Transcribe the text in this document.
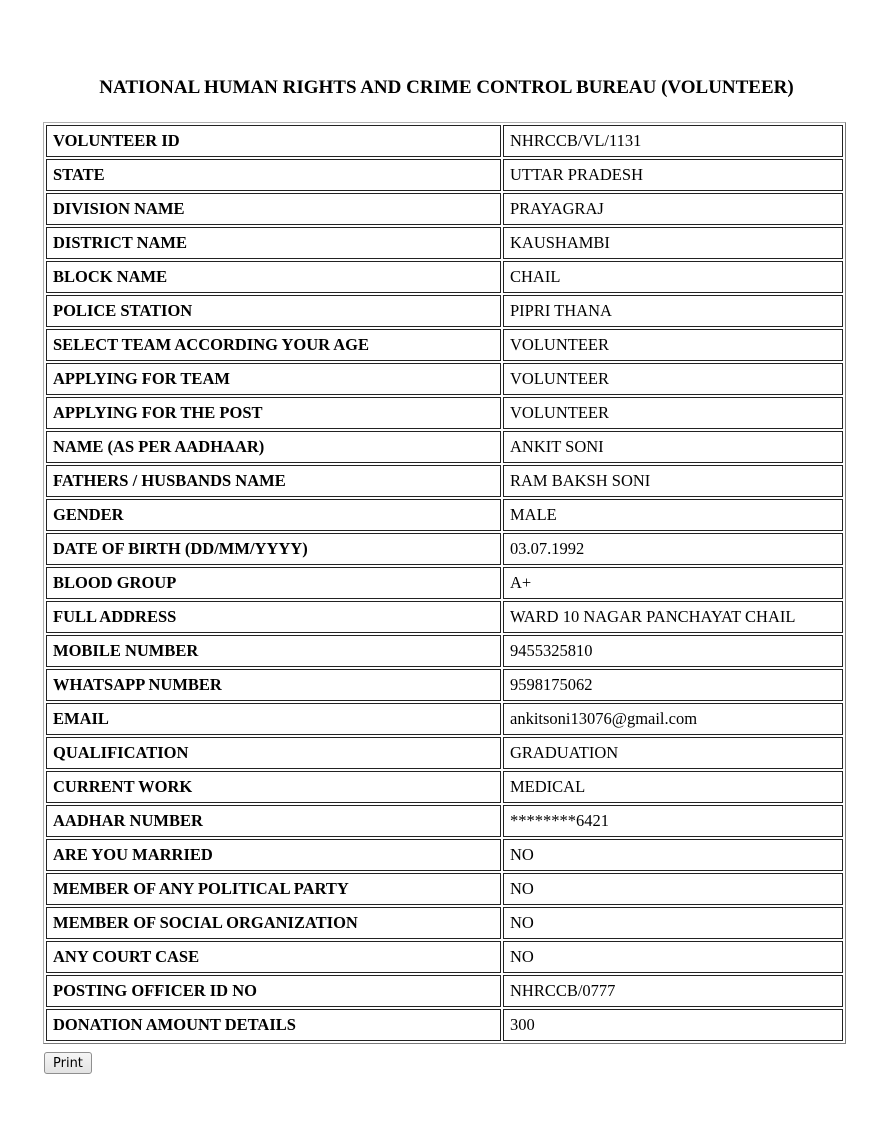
NATIONAL HUMAN RIGHTS AND CRIME CONTROL BUREAU (VOLUNTEER)
VOLUNTEER ID	NHRCCB/VL/1131
STATE	UTTAR PRADESH
DIVISION NAME	PRAYAGRAJ
DISTRICT NAME	KAUSHAMBI
BLOCK NAME	CHAIL
POLICE STATION	PIPRI THANA
SELECT TEAM ACCORDING YOUR AGE	VOLUNTEER
APPLYING FOR TEAM	VOLUNTEER
APPLYING FOR THE POST	VOLUNTEER
NAME (AS PER AADHAAR)	ANKIT SONI
FATHERS / HUSBANDS NAME	RAM BAKSH SONI
GENDER	MALE
DATE OF BIRTH (DD/MM/YYYY)	03.07.1992
BLOOD GROUP	A+
FULL ADDRESS	WARD 10 NAGAR PANCHAYAT CHAIL
MOBILE NUMBER	9455325810
WHATSAPP NUMBER	9598175062
EMAIL	ankitsoni13076@gmail.com
QUALIFICATION	GRADUATION
CURRENT WORK	MEDICAL
AADHAR NUMBER	********6421
ARE YOU MARRIED	NO
MEMBER OF ANY POLITICAL PARTY	NO
MEMBER OF SOCIAL ORGANIZATION	NO
ANY COURT CASE	NO
POSTING OFFICER ID NO	NHRCCB/0777
DONATION AMOUNT DETAILS	300
Print
